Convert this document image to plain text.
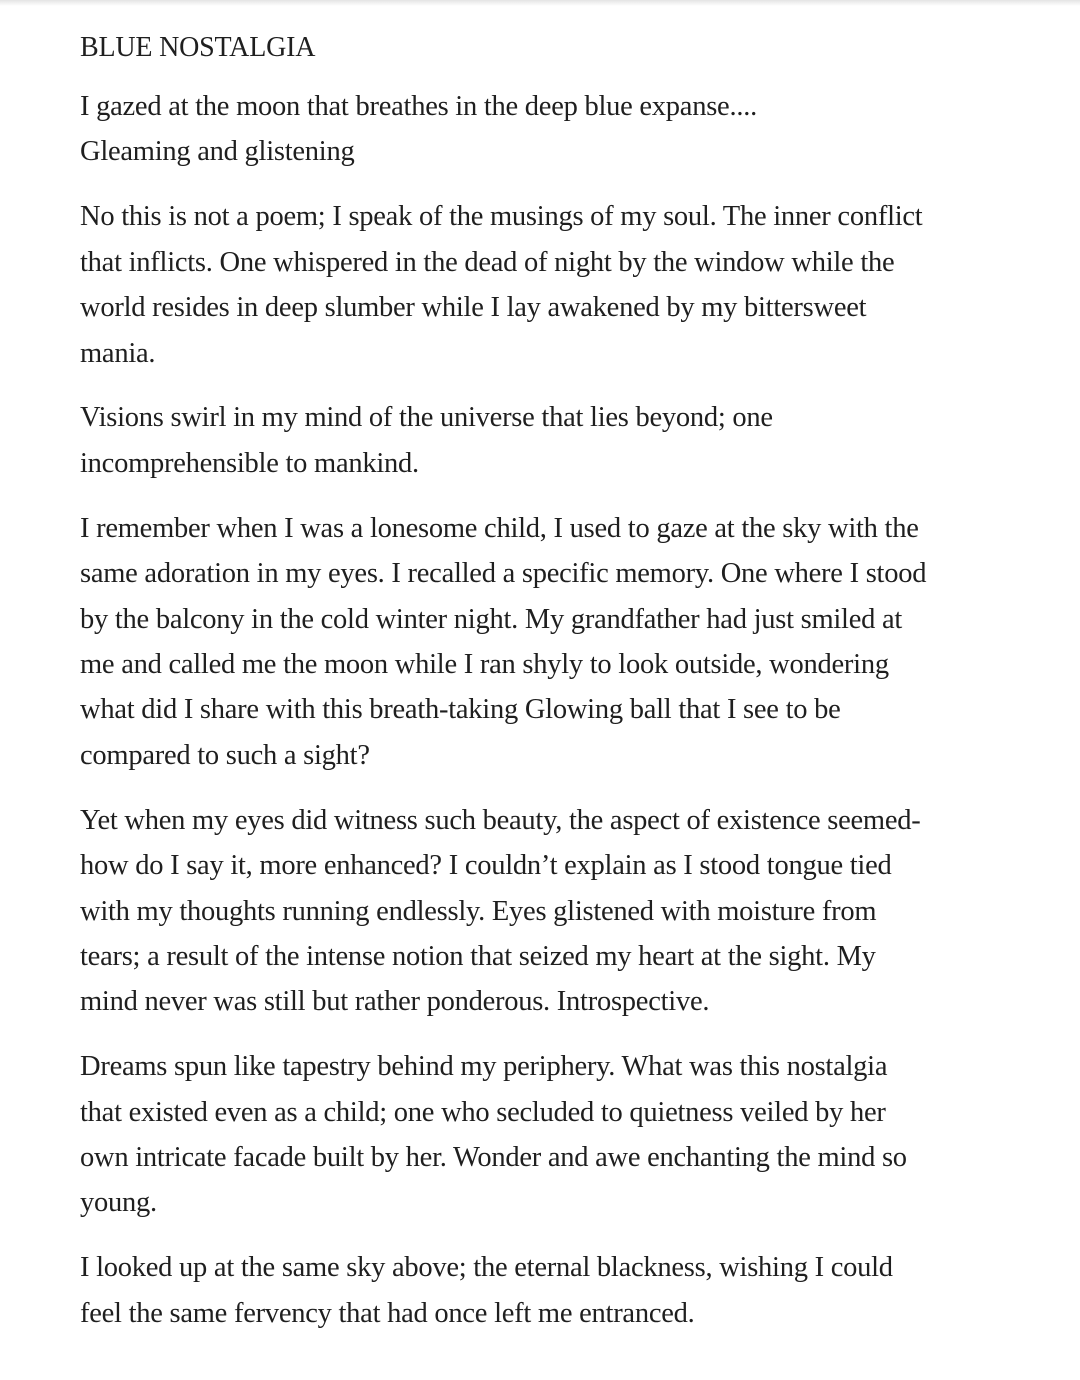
BLUE NOSTALGIA

I gazed at the moon that breathes in the deep blue expanse....
Gleaming and glistening

No this is not a poem; I speak of the musings of my soul. The inner conflict
that inflicts. One whispered in the dead of night by the window while the
world resides in deep slumber while I lay awakened by my bittersweet
mania.

Visions swirl in my mind of the universe that lies beyond; one
incomprehensible to mankind.

I remember when I was a lonesome child, I used to gaze at the sky with the
same adoration in my eyes. I recalled a specific memory. One where I stood
by the balcony in the cold winter night. My grandfather had just smiled at
me and called me the moon while I ran shyly to look outside, wondering
what did I share with this breath-taking Glowing ball that I see to be
compared to such a sight?

Yet when my eyes did witness such beauty, the aspect of existence seemed-
how do I say it, more enhanced? I couldn’t explain as I stood tongue tied
with my thoughts running endlessly. Eyes glistened with moisture from
tears; a result of the intense notion that seized my heart at the sight. My
mind never was still but rather ponderous. Introspective.

Dreams spun like tapestry behind my periphery. What was this nostalgia
that existed even as a child; one who secluded to quietness veiled by her
own intricate facade built by her. Wonder and awe enchanting the mind so
young.

I looked up at the same sky above; the eternal blackness, wishing I could
feel the same fervency that had once left me entranced.
